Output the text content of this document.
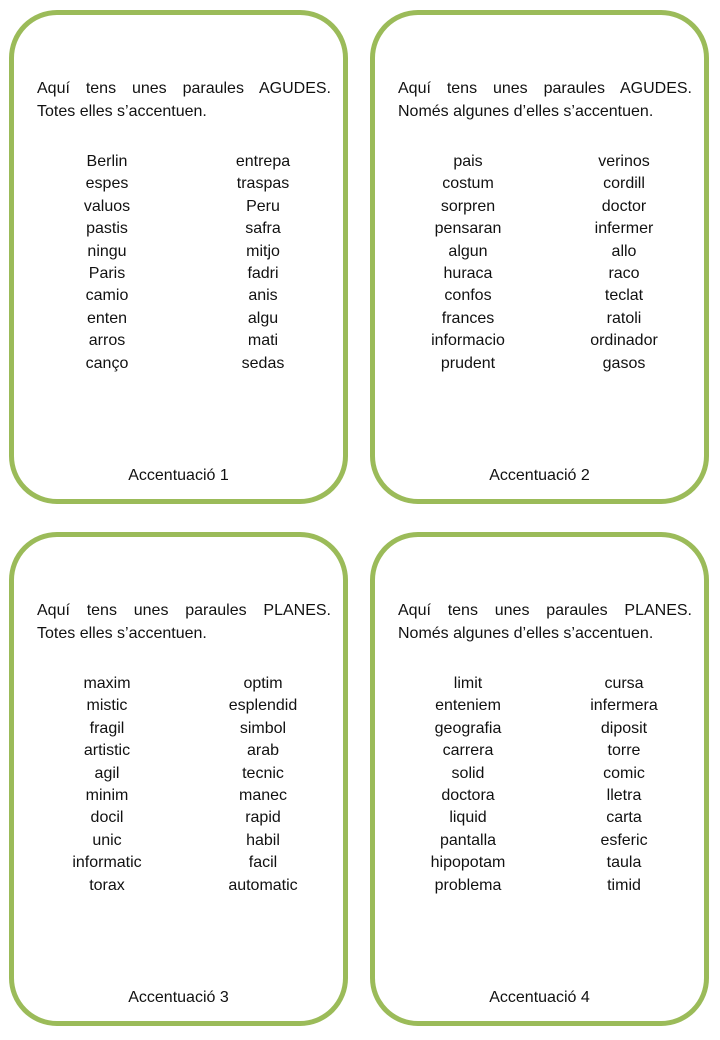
Aquí tens unes paraules AGUDES.
Totes elles s’accentuen.

Berlin
espes
valuos
pastis
ningu
Paris
camio
enten
arros
canço
entrepa
traspas
Peru
safra
mitjo
fadri
anis
algu
mati
sedas
Accentuació 1

Aquí tens unes paraules AGUDES.
Només algunes d’elles s’accentuen.

pais
costum
sorpren
pensaran
algun
huraca
confos
frances
informacio
prudent
verinos
cordill
doctor
infermer
allo
raco
teclat
ratoli
ordinador
gasos
Accentuació 2

Aquí tens unes paraules PLANES.
Totes elles s’accentuen.

maxim
mistic
fragil
artistic
agil
minim
docil
unic
informatic
torax
optim
esplendid
simbol
arab
tecnic
manec
rapid
habil
facil
automatic
Accentuació 3

Aquí tens unes paraules PLANES.
Només algunes d’elles s’accentuen.

limit
enteniem
geografia
carrera
solid
doctora
liquid
pantalla
hipopotam
problema
cursa
infermera
diposit
torre
comic
lletra
carta
esferic
taula
timid
Accentuació 4
